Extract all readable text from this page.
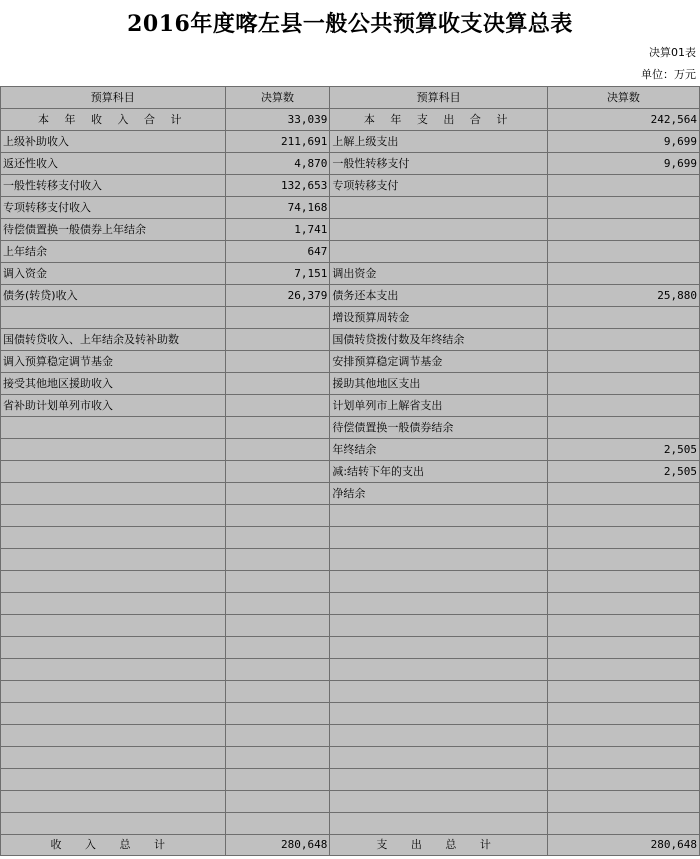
2016年度喀左县一般公共预算收支决算总表
决算01表
单位：万元
预算科目	决算数	预算科目	决算数
本 年 收 入 合 计	33,039	本 年 支 出 合 计	242,564
上级补助收入	211,691	上解上级支出	9,699
返还性收入	4,870	一般性转移支付	9,699
一般性转移支付收入	132,653	专项转移支付	
专项转移支付收入	74,168		
待偿债置换一般债券上年结余	1,741		
上年结余	647		
调入资金	7,151	调出资金	
债务(转贷)收入	26,379	债务还本支出	25,880
		增设预算周转金	
国债转贷收入、上年结余及转补助数		国债转贷拨付数及年终结余	
调入预算稳定调节基金		安排预算稳定调节基金	
接受其他地区援助收入		援助其他地区支出	
省补助计划单列市收入		计划单列市上解省支出	
		待偿债置换一般债券结余	
		年终结余	2,505
		减:结转下年的支出	2,505
		净结余	

收 入 总 计	280,648	支 出 总 计	280,648
